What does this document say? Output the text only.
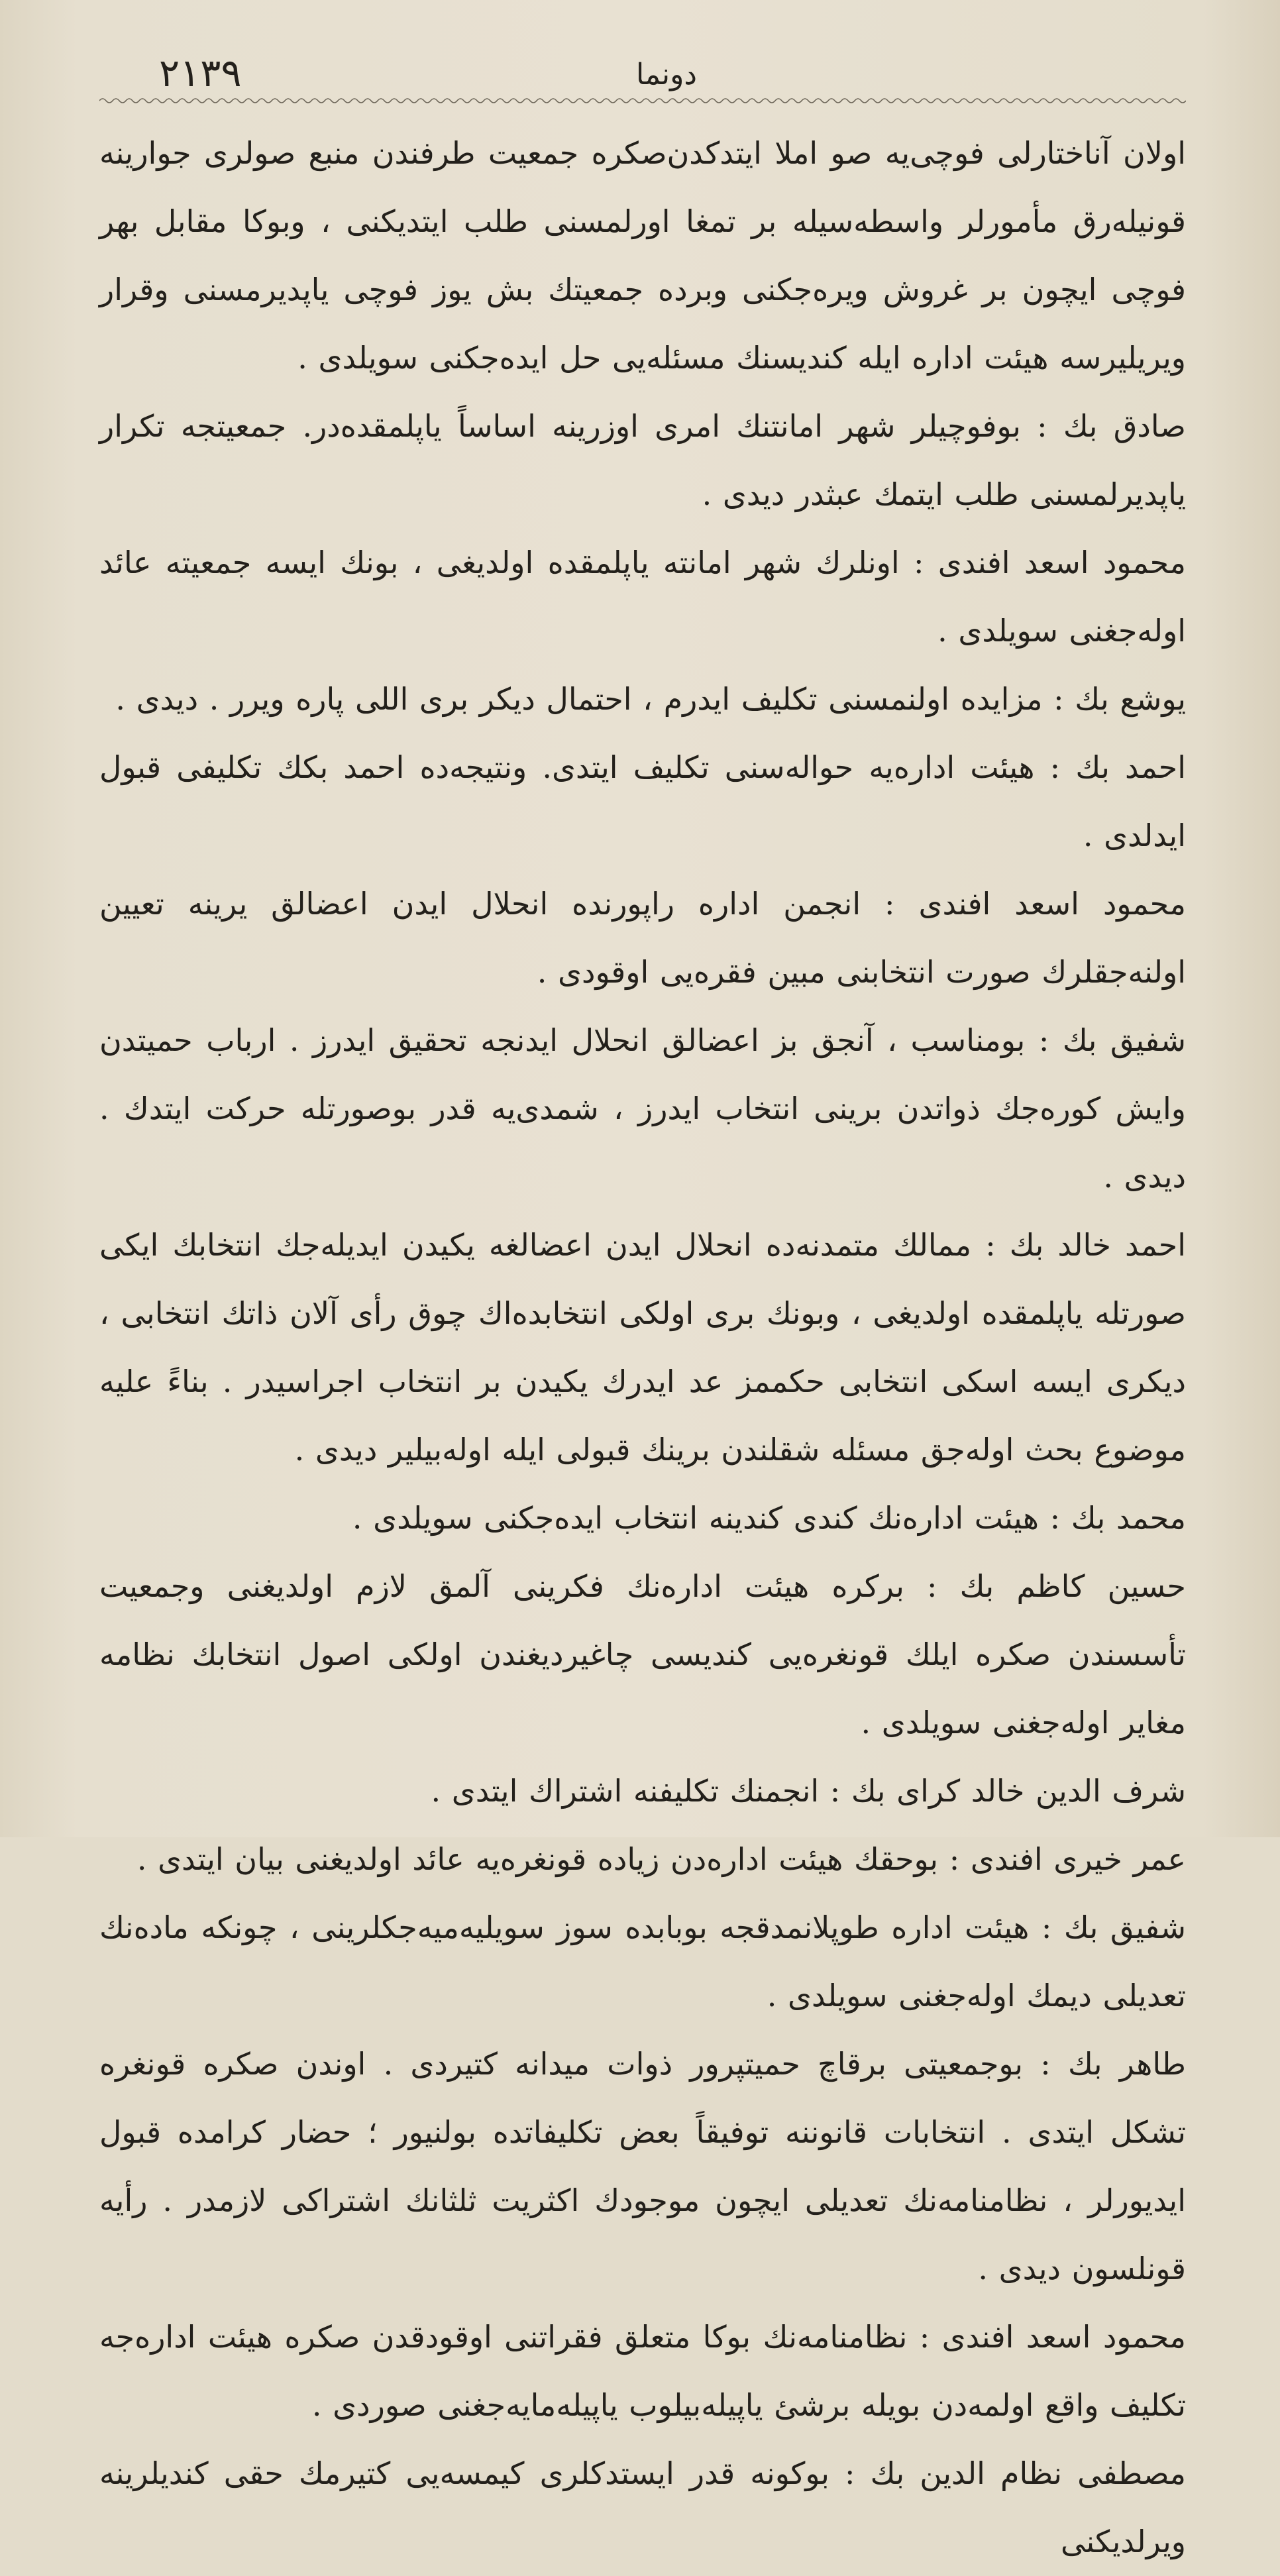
٢١٣٩	دونما

اولان آناختارلی فوچی‌یه صو املا ایتدکدن‌صکره جمعیت طرفندن منبع صولری جوارینه قونیله‌رق مأمورلر واسطه‌سیله بر تمغا اورلمسنی طلب ایتدیکنی ، وبوکا مقابل بهر فوچی ایچون بر غروش ویره‌جکنی وبرده جمعیتك بش یوز فوچی یاپدیرمسنی وقرار ویریلیرسه هیئت اداره ایله کندیسنك مسئله‌یی حل ایده‌جکنی سویلدی .

صادق بك : بوفوچیلر شهر امانتنك امری اوزرینه اساساً یاپلمقده‌در. جمعیتجه تکرار یاپدیرلمسنی طلب ایتمك عبثدر دیدی .

محمود اسعد افندی : اونلرك شهر امانته یاپلمقده اولدیغی ، بونك ایسه جمعیته عائد اوله‌جغنی سویلدی .

یوشع بك : مزایده اولنمسنی تکلیف ایدرم ، احتمال دیکر بری اللی پاره ویرر . دیدی .

احمد بك : هیئت اداره‌یه حواله‌سنی تکلیف ایتدی. ونتیجه‌ده احمد بکك تکلیفی قبول ایدلدی .

محمود اسعد افندی : انجمن اداره راپورنده انحلال ایدن اعضالق یرینه تعیین اولنه‌جقلرك صورت انتخابنی مبین فقره‌یی اوقودی .

شفیق بك : بومناسب ، آنجق بز اعضالق انحلال ایدنجه تحقیق ایدرز . ارباب حمیتدن وایش کوره‌جك ذواتدن برینی انتخاب ایدرز ، شمدی‌یه قدر بوصورتله حرکت ایتدك . دیدی .

احمد خالد بك : ممالك متمدنه‌ده انحلال ایدن اعضالغه یکیدن ایدیله‌جك انتخابك ایکی صورتله یاپلمقده اولدیغی ، وبونك بری اولکی انتخابده‌اك چوق رأی آلان ذاتك انتخابی ، دیکری ایسه اسکی انتخابی حکممز عد ایدرك یکیدن بر انتخاب اجراسیدر . بناءً علیه موضوع بحث اوله‌جق مسئله شقلندن برینك قبولی ایله اوله‌بیلیر دیدی .

محمد بك : هیئت اداره‌نك کندی کندینه انتخاب ایده‌جکنی سویلدی .

حسین کاظم بك : برکره هیئت اداره‌نك فکرینی آلمق لازم اولدیغنی وجمعیت تأسسندن صکره ایلك قونغره‌یی کندیسی چاغیردیغندن اولکی اصول انتخابك نظامه مغایر اوله‌جغنی سویلدی .

شرف الدین خالد کرای بك : انجمنك تکلیفنه اشتراك ایتدی .

عمر خیری افندی : بوحقك هیئت اداره‌دن زیاده قونغره‌یه عائد اولدیغنی بیان ایتدی .

شفیق بك : هیئت اداره طوپلانمدقجه بوبابده سوز سویلیه‌میه‌جکلرینی ، چونکه ماده‌نك تعدیلی دیمك اوله‌جغنی سویلدی .

طاهر بك : بوجمعیتی برقاچ حمیتپرور ذوات میدانه کتیردی . اوندن صکره قونغره تشکل ایتدی . انتخابات قانوننه توفیقاً بعض تکلیفاتده بولنیور ؛ حضار کرامده قبول ایدیورلر ، نظامنامه‌نك تعدیلی ایچون موجودك اکثریت ثلثانك اشتراکی لازمدر . رأیه قونلسون دیدی .

محمود اسعد افندی : نظامنامه‌نك بوکا متعلق فقراتنی اوقودقدن صکره هیئت اداره‌جه تکلیف واقع اولمه‌دن بویله برشئ یاپیله‌بیلوب یاپیله‌مایه‌جغنی صوردی .

مصطفی نظام الدین بك : بوکونه قدر ایستدکلری کیمسه‌یی کتیرمك حقی کندیلرینه ویرلدیکنی
